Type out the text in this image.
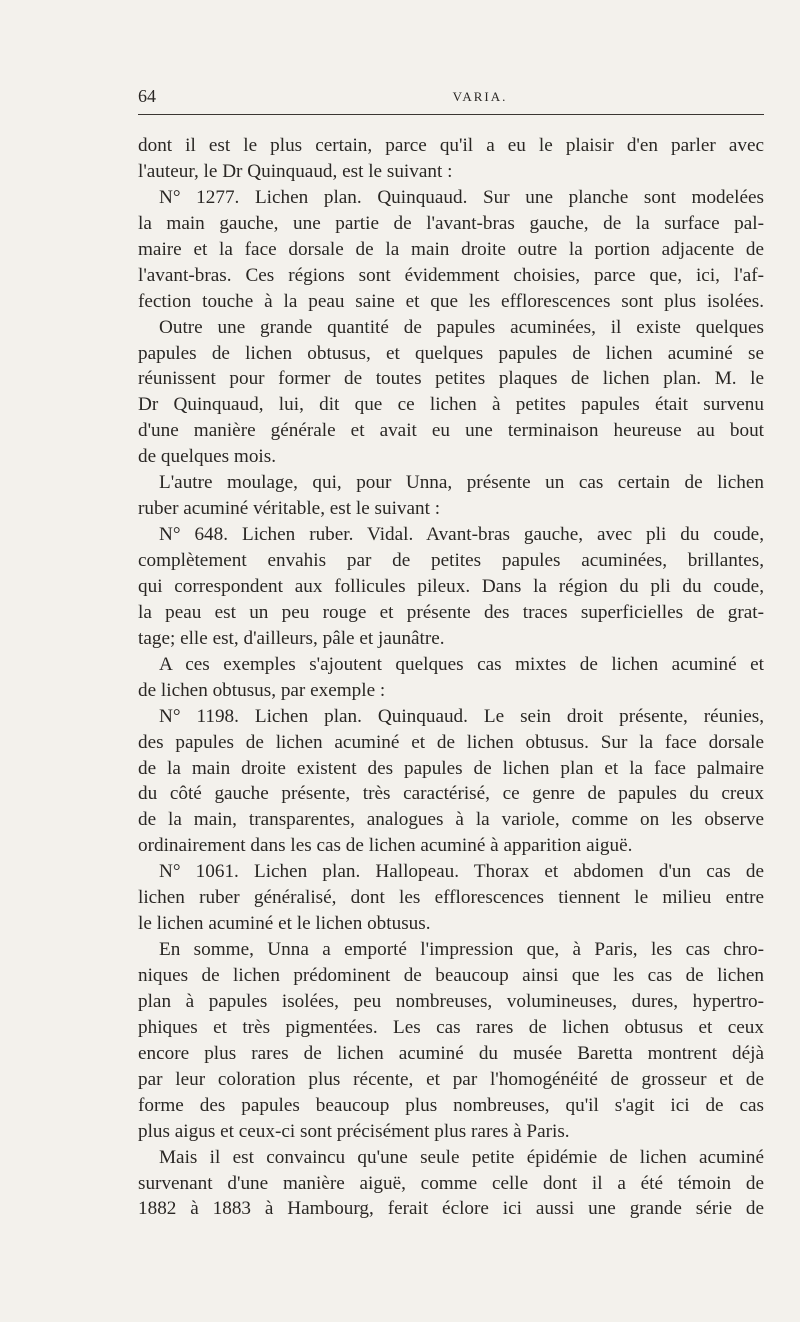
64	VARIA.

dont il est le plus certain, parce qu'il a eu le plaisir d'en parler avec
l'auteur, le Dr Quinquaud, est le suivant :

N° 1277. Lichen plan. Quinquaud. Sur une planche sont modelées
la main gauche, une partie de l'avant-bras gauche, de la surface pal-
maire et la face dorsale de la main droite outre la portion adjacente de
l'avant-bras. Ces régions sont évidemment choisies, parce que, ici, l'af-
fection touche à la peau saine et que les efflorescences sont plus isolées.
Outre une grande quantité de papules acuminées, il existe quelques
papules de lichen obtusus, et quelques papules de lichen acuminé se
réunissent pour former de toutes petites plaques de lichen plan. M. le
Dr Quinquaud, lui, dit que ce lichen à petites papules était survenu
d'une manière générale et avait eu une terminaison heureuse au bout
de quelques mois.

L'autre moulage, qui, pour Unna, présente un cas certain de lichen
ruber acuminé véritable, est le suivant :

N° 648. Lichen ruber. Vidal. Avant-bras gauche, avec pli du coude,
complètement envahis par de petites papules acuminées, brillantes,
qui correspondent aux follicules pileux. Dans la région du pli du coude,
la peau est un peu rouge et présente des traces superficielles de grat-
tage; elle est, d'ailleurs, pâle et jaunâtre.

A ces exemples s'ajoutent quelques cas mixtes de lichen acuminé et
de lichen obtusus, par exemple :

N° 1198. Lichen plan. Quinquaud. Le sein droit présente, réunies,
des papules de lichen acuminé et de lichen obtusus. Sur la face dorsale
de la main droite existent des papules de lichen plan et la face palmaire
du côté gauche présente, très caractérisé, ce genre de papules du creux
de la main, transparentes, analogues à la variole, comme on les observe
ordinairement dans les cas de lichen acuminé à apparition aiguë.

N° 1061. Lichen plan. Hallopeau. Thorax et abdomen d'un cas de
lichen ruber généralisé, dont les efflorescences tiennent le milieu entre
le lichen acuminé et le lichen obtusus.

En somme, Unna a emporté l'impression que, à Paris, les cas chro-
niques de lichen prédominent de beaucoup ainsi que les cas de lichen
plan à papules isolées, peu nombreuses, volumineuses, dures, hypertro-
phiques et très pigmentées. Les cas rares de lichen obtusus et ceux
encore plus rares de lichen acuminé du musée Baretta montrent déjà
par leur coloration plus récente, et par l'homogénéité de grosseur et de
forme des papules beaucoup plus nombreuses, qu'il s'agit ici de cas
plus aigus et ceux-ci sont précisément plus rares à Paris.

Mais il est convaincu qu'une seule petite épidémie de lichen acuminé
survenant d'une manière aiguë, comme celle dont il a été témoin de
1882 à 1883 à Hambourg, ferait éclore ici aussi une grande série de
